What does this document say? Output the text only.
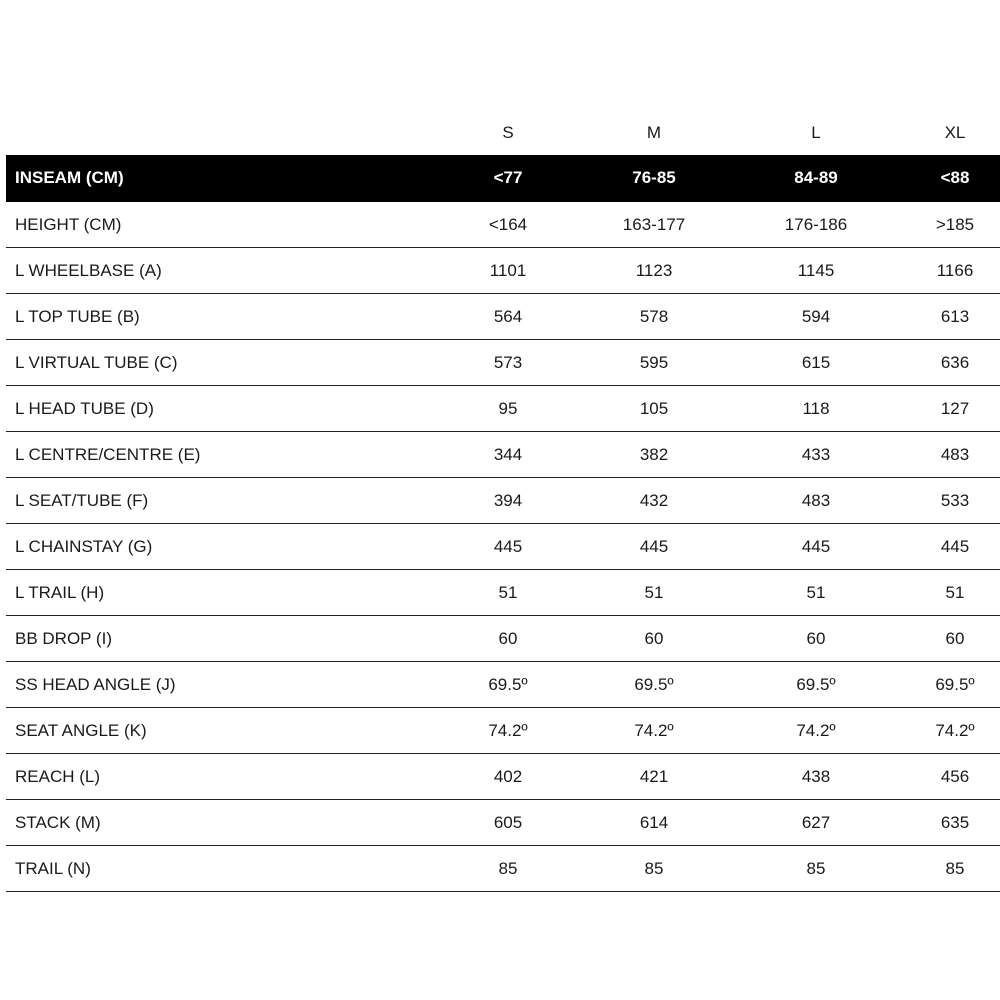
	S	M	L	XL
INSEAM (CM)	<77	76-85	84-89	<88
HEIGHT (CM)	<164	163-177	176-186	>185
L WHEELBASE (A)	1101	1123	1145	1166
L TOP TUBE (B)	564	578	594	613
L VIRTUAL TUBE (C)	573	595	615	636
L HEAD TUBE (D)	95	105	118	127
L CENTRE/CENTRE (E)	344	382	433	483
L SEAT/TUBE (F)	394	432	483	533
L CHAINSTAY (G)	445	445	445	445
L TRAIL (H)	51	51	51	51
BB DROP (I)	60	60	60	60
SS HEAD ANGLE (J)	69.5º	69.5º	69.5º	69.5º
SEAT ANGLE (K)	74.2º	74.2º	74.2º	74.2º
REACH (L)	402	421	438	456
STACK (M)	605	614	627	635
TRAIL (N)	85	85	85	85
